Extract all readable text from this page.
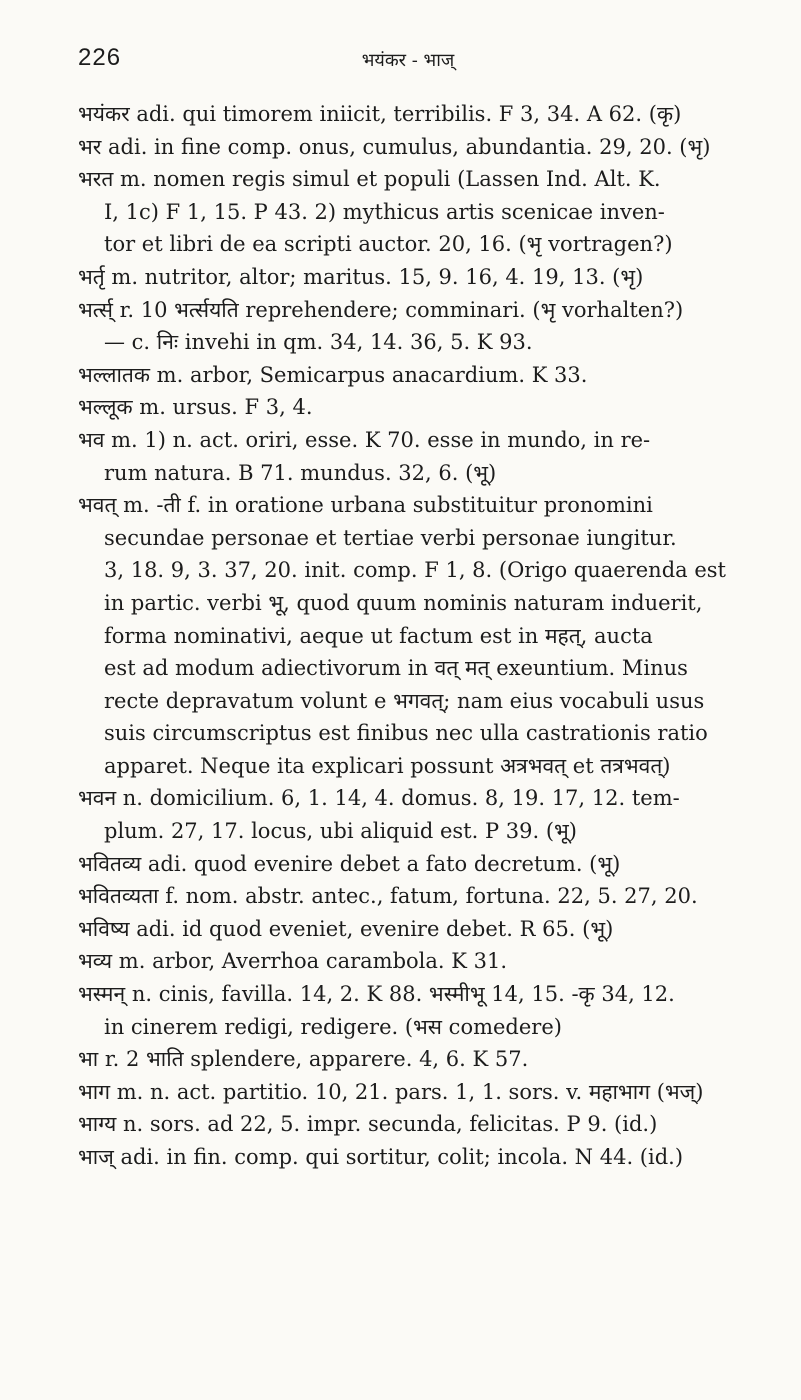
226	भयंकर - भाज्
भयंकर adi. qui timorem iniicit, terribilis. F 3, 34. A 62. (कृ)
भर adi. in fine comp. onus, cumulus, abundantia. 29, 20. (भृ)
भरत m. nomen regis simul et populi (Lassen Ind. Alt. K.
I, 1c) F 1, 15. P 43. 2) mythicus artis scenicae inven-
tor et libri de ea scripti auctor. 20, 16. (भृ vortragen?)
भर्तृ m. nutritor, altor; maritus. 15, 9. 16, 4. 19, 13. (भृ)
भर्त्स् r. 10 भर्त्सयति reprehendere; comminari. (भृ vorhalten?)
— c. निः invehi in qm. 34, 14. 36, 5. K 93.
भल्लातक m. arbor, Semicarpus anacardium. K 33.
भल्लूक m. ursus. F 3, 4.
भव m. 1) n. act. oriri, esse. K 70. esse in mundo, in re-
rum natura. B 71. mundus. 32, 6. (भू)
भवत् m. -ती f. in oratione urbana substituitur pronomini
secundae personae et tertiae verbi personae iungitur.
3, 18. 9, 3. 37, 20. init. comp. F 1, 8. (Origo quaerenda est
in partic. verbi भू, quod quum nominis naturam induerit,
forma nominativi, aeque ut factum est in महत्, aucta
est ad modum adiectivorum in वत् मत् exeuntium. Minus
recte depravatum volunt e भगवत्; nam eius vocabuli usus
suis circumscriptus est finibus nec ulla castrationis ratio
apparet. Neque ita explicari possunt अत्रभवत् et तत्रभवत्)
भवन n. domicilium. 6, 1. 14, 4. domus. 8, 19. 17, 12. tem-
plum. 27, 17. locus, ubi aliquid est. P 39. (भू)
भवितव्य adi. quod evenire debet a fato decretum. (भू)
भवितव्यता f. nom. abstr. antec., fatum, fortuna. 22, 5. 27, 20.
भविष्य adi. id quod eveniet, evenire debet. R 65. (भू)
भव्य m. arbor, Averrhoa carambola. K 31.
भस्मन् n. cinis, favilla. 14, 2. K 88. भस्मीभू 14, 15. -कृ 34, 12.
in cinerem redigi, redigere. (भस comedere)
भा r. 2 भाति splendere, apparere. 4, 6. K 57.
भाग m. n. act. partitio. 10, 21. pars. 1, 1. sors. v. महाभाग (भज्)
भाग्य n. sors. ad 22, 5. impr. secunda, felicitas. P 9. (id.)
भाज् adi. in fin. comp. qui sortitur, colit; incola. N 44. (id.)
